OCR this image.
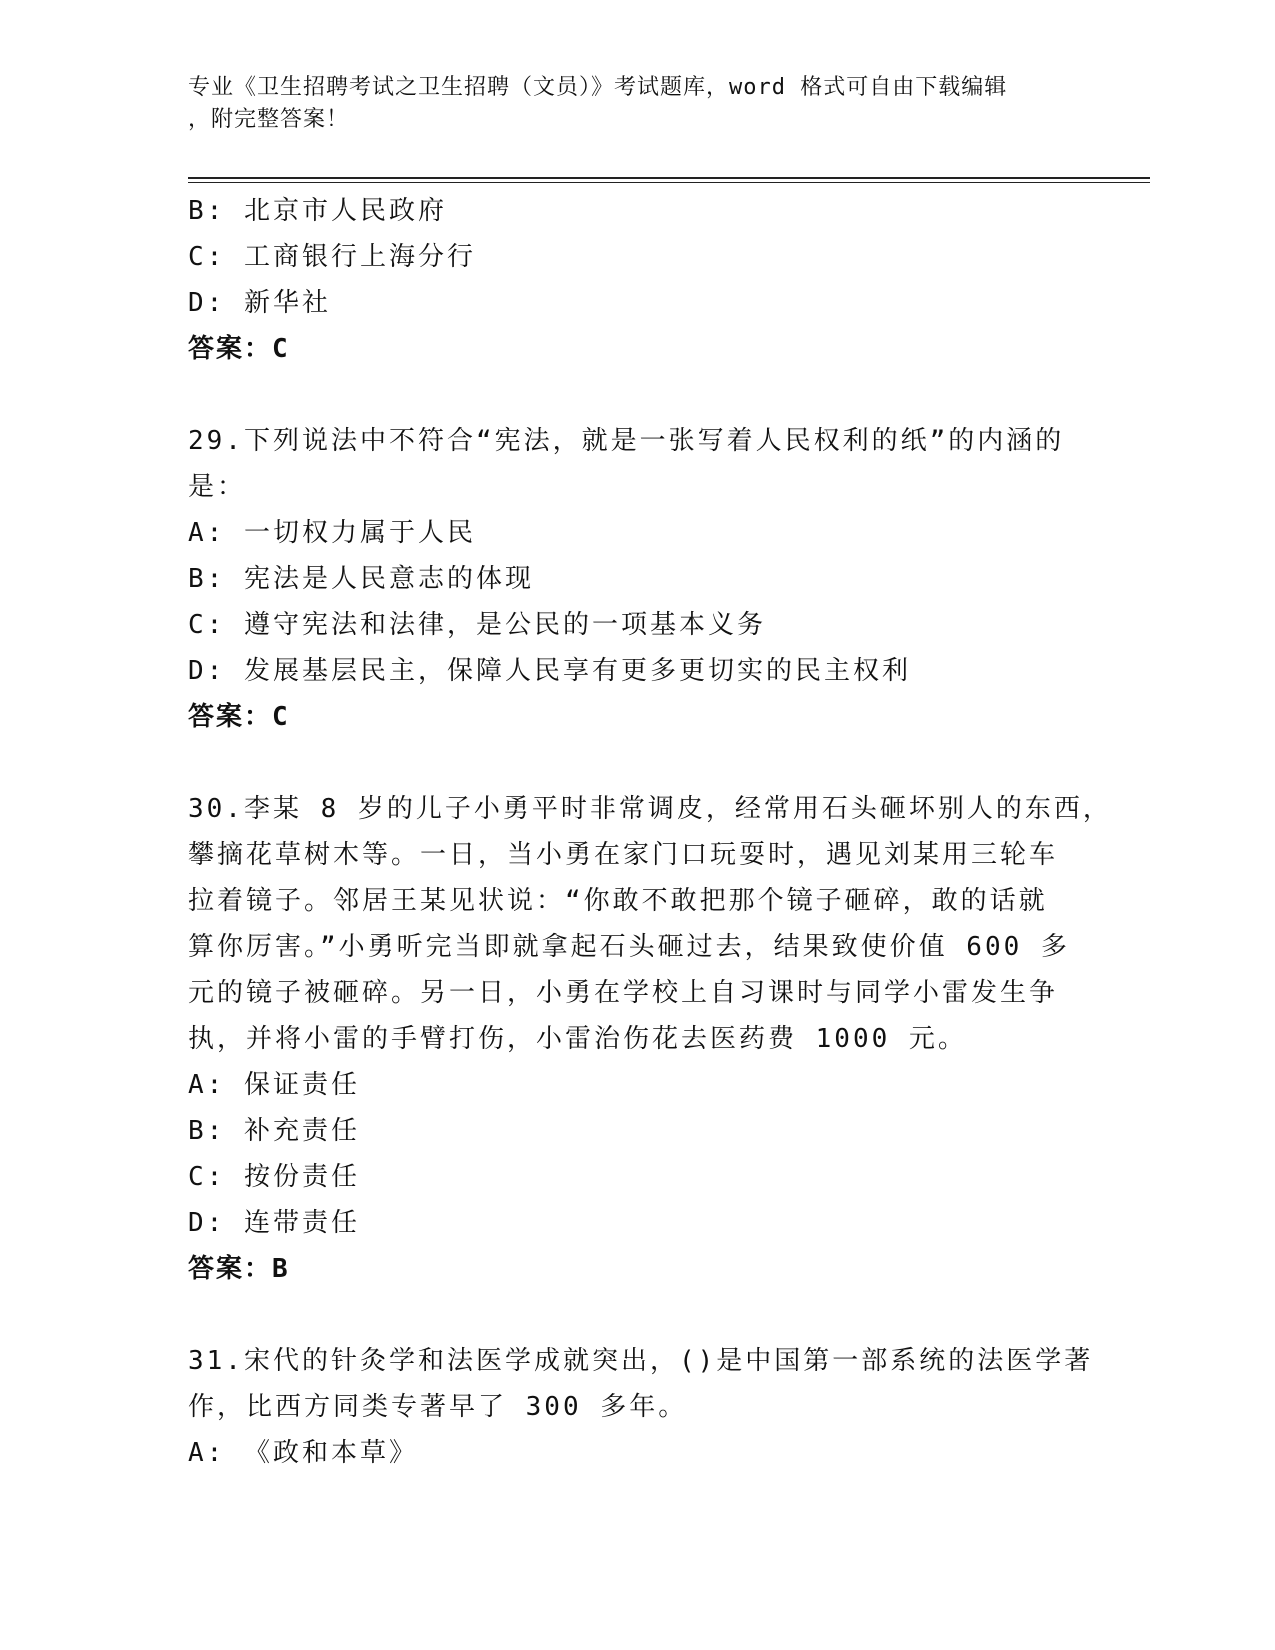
专业《卫生招聘考试之卫生招聘（文员）》考试题库，word 格式可自由下载编辑
，附完整答案！
B: 北京市人民政府
C: 工商银行上海分行
D: 新华社
答案：C
29.下列说法中不符合“宪法，就是一张写着人民权利的纸”的内涵的
是：
A: 一切权力属于人民
B: 宪法是人民意志的体现
C: 遵守宪法和法律，是公民的一项基本义务
D: 发展基层民主，保障人民享有更多更切实的民主权利
答案：C
30.李某 8 岁的儿子小勇平时非常调皮，经常用石头砸坏别人的东西，
攀摘花草树木等。一日，当小勇在家门口玩耍时，遇见刘某用三轮车
拉着镜子。邻居王某见状说：“你敢不敢把那个镜子砸碎，敢的话就
算你厉害。”小勇听完当即就拿起石头砸过去，结果致使价值 600 多
元的镜子被砸碎。另一日，小勇在学校上自习课时与同学小雷发生争
执，并将小雷的手臂打伤，小雷治伤花去医药费 1000 元。
A: 保证责任
B: 补充责任
C: 按份责任
D: 连带责任
答案：B
31.宋代的针灸学和法医学成就突出，()是中国第一部系统的法医学著
作，比西方同类专著早了 300 多年。
A: 《政和本草》
